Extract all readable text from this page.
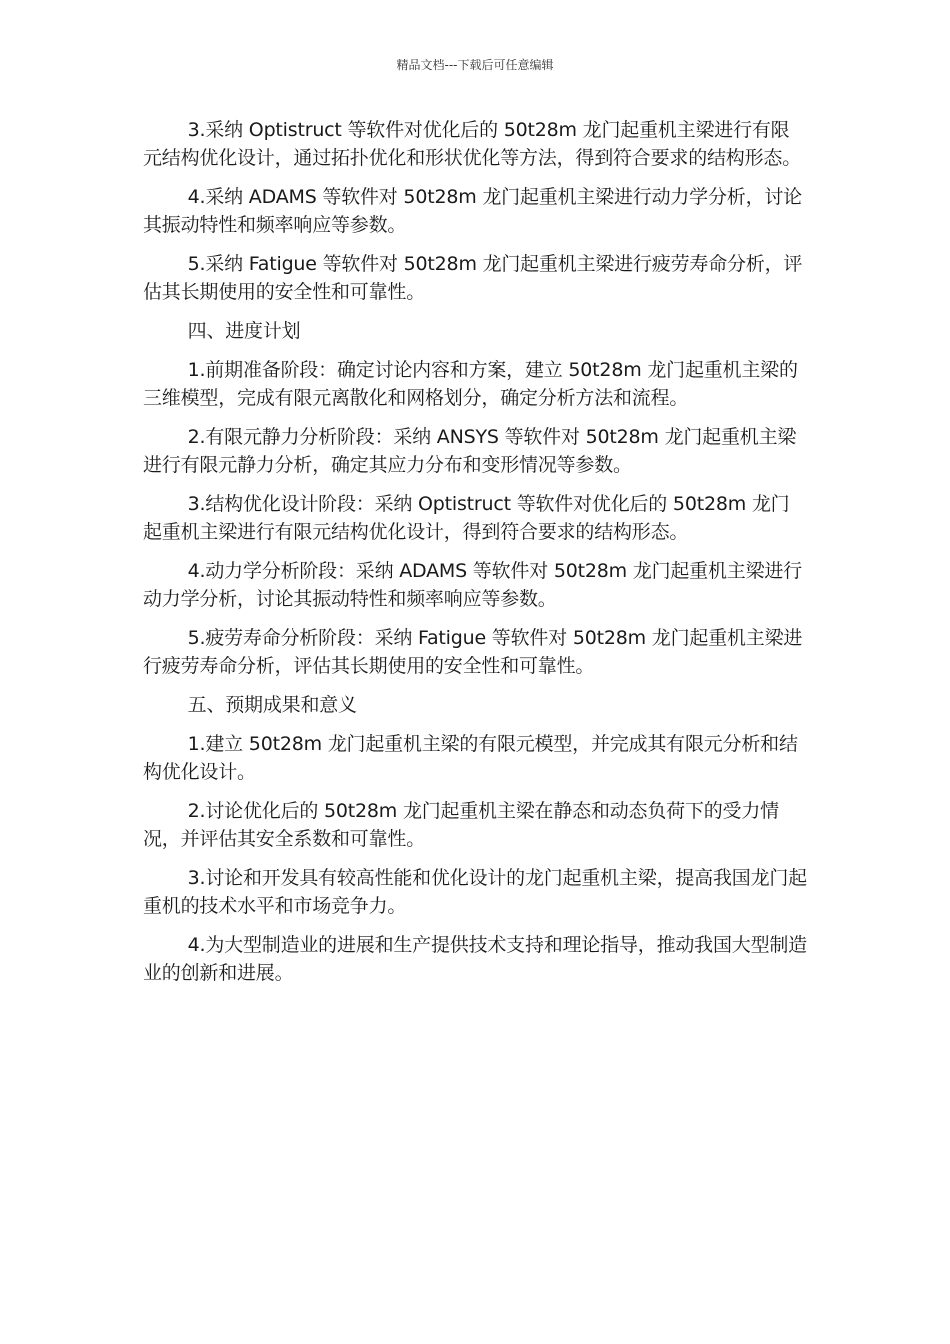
精品文档---下载后可任意编辑

3.采纳 Optistruct 等软件对优化后的 50t28m 龙门起重机主梁进行有限元结构优化设计，通过拓扑优化和形状优化等方法，得到符合要求的结构形态。

4.采纳 ADAMS 等软件对 50t28m 龙门起重机主梁进行动力学分析，讨论其振动特性和频率响应等参数。

5.采纳 Fatigue 等软件对 50t28m 龙门起重机主梁进行疲劳寿命分析，评估其长期使用的安全性和可靠性。

四、进度计划

1.前期准备阶段：确定讨论内容和方案，建立 50t28m 龙门起重机主梁的三维模型，完成有限元离散化和网格划分，确定分析方法和流程。

2.有限元静力分析阶段：采纳 ANSYS 等软件对 50t28m 龙门起重机主梁进行有限元静力分析，确定其应力分布和变形情况等参数。

3.结构优化设计阶段：采纳 Optistruct 等软件对优化后的 50t28m 龙门起重机主梁进行有限元结构优化设计，得到符合要求的结构形态。

4.动力学分析阶段：采纳 ADAMS 等软件对 50t28m 龙门起重机主梁进行动力学分析，讨论其振动特性和频率响应等参数。

5.疲劳寿命分析阶段：采纳 Fatigue 等软件对 50t28m 龙门起重机主梁进行疲劳寿命分析，评估其长期使用的安全性和可靠性。

五、预期成果和意义

1.建立 50t28m 龙门起重机主梁的有限元模型，并完成其有限元分析和结构优化设计。

2.讨论优化后的 50t28m 龙门起重机主梁在静态和动态负荷下的受力情况，并评估其安全系数和可靠性。

3.讨论和开发具有较高性能和优化设计的龙门起重机主梁，提高我国龙门起重机的技术水平和市场竞争力。

4.为大型制造业的进展和生产提供技术支持和理论指导，推动我国大型制造业的创新和进展。
